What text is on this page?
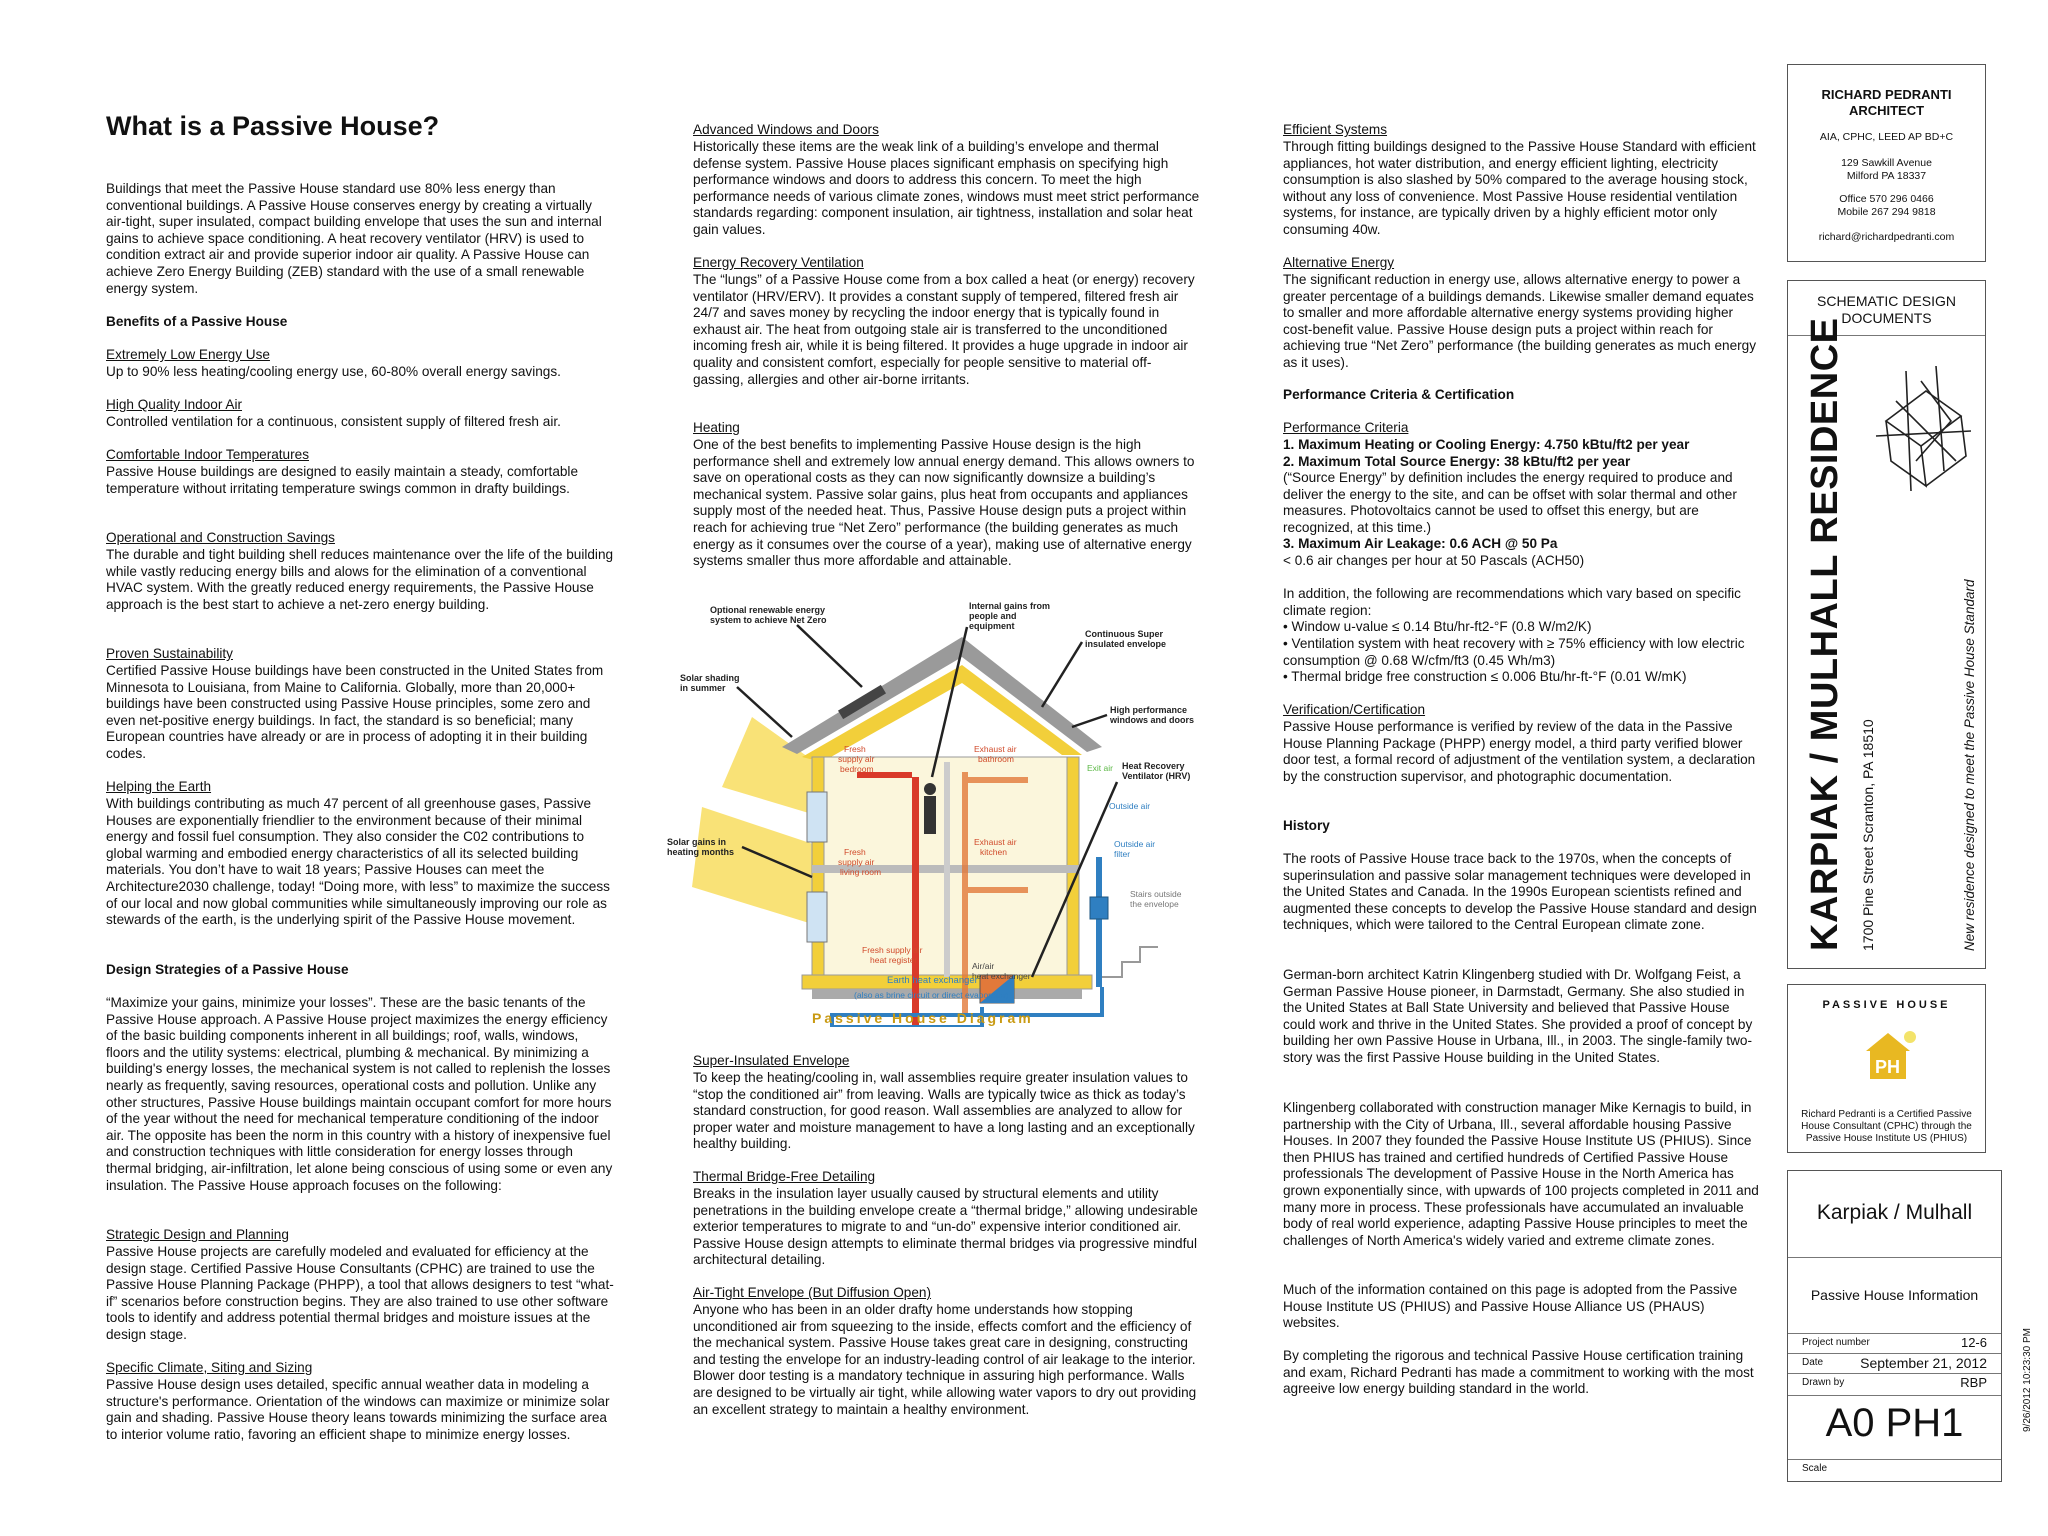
What is a Passive House?

Buildings that meet the Passive House standard use 80% less energy than conventional buildings. A Passive House conserves energy by creating a virtually air-tight, super insulated, compact building envelope that uses the sun and internal gains to achieve space conditioning. A heat recovery ventilator (HRV) is used to condition extract air and provide superior indoor air quality. A Passive House can achieve Zero Energy Building (ZEB) standard with the use of a small renewable energy system.

Benefits of a Passive House

Extremely Low Energy Use

Up to 90% less heating/cooling energy use, 60-80% overall energy savings.

High Quality Indoor Air

Controlled ventilation for a continuous, consistent supply of filtered fresh air.

Comfortable Indoor Temperatures

Passive House buildings are designed to easily maintain a steady, comfortable temperature without irritating temperature swings common in drafty buildings.

Operational and Construction Savings

The durable and tight building shell reduces maintenance over the life of the building while vastly reducing energy bills and alows for the elimination of a conventional HVAC system. With the greatly reduced energy requirements, the Passive House approach is the best start to achieve a net-zero energy building.

Proven Sustainability

Certified Passive House buildings have been constructed in the United States from Minnesota to Louisiana, from Maine to California. Globally, more than 20,000+ buildings have been constructed using Passive House principles, some zero and even net-positive energy buildings. In fact, the standard is so beneficial; many European countries have already or are in process of adopting it in their building codes.

Helping the Earth

With buildings contributing as much 47 percent of all greenhouse gases, Passive Houses are exponentially friendlier to the environment because of their minimal energy and fossil fuel consumption. They also consider the C02 contributions to global warming and embodied energy characteristics of all its selected building materials. You don’t have to wait 18 years; Passive Houses can meet the Architecture2030 challenge, today! “Doing more, with less” to maximize the success of our local and now global communities while simultaneously improving our role as stewards of the earth, is the underlying spirit of the Passive House movement.

Design Strategies of a Passive House

“Maximize your gains, minimize your losses”. These are the basic tenants of the Passive House approach. A Passive House project maximizes the energy efficiency of the basic building components inherent in all buildings; roof, walls, windows, floors and the utility systems: electrical, plumbing & mechanical. By minimizing a building's energy losses, the mechanical system is not called to replenish the losses nearly as frequently, saving resources, operational costs and pollution. Unlike any other structures, Passive House buildings maintain occupant comfort for more hours of the year without the need for mechanical temperature conditioning of the indoor air. The opposite has been the norm in this country with a history of inexpensive fuel and construction techniques with little consideration for energy losses through thermal bridging, air-infiltration, let alone being conscious of using some or even any insulation. The Passive House approach focuses on the following:

Strategic Design and Planning

Passive House projects are carefully modeled and evaluated for efficiency at the design stage. Certified Passive House Consultants (CPHC) are trained to use the Passive House Planning Package (PHPP), a tool that allows designers to test “what-if” scenarios before construction begins. They are also trained to use other software tools to identify and address potential thermal bridges and moisture issues at the design stage.

Specific Climate, Siting and Sizing

Passive House design uses detailed, specific annual weather data in modeling a structure's performance. Orientation of the windows can maximize or minimize solar gain and shading. Passive House theory leans towards minimizing the surface area to interior volume ratio, favoring an efficient shape to minimize energy losses.

Advanced Windows and Doors

Historically these items are the weak link of a building’s envelope and thermal defense system. Passive House places significant emphasis on specifying high performance windows and doors to address this concern. To meet the high performance needs of various climate zones, windows must meet strict performance standards regarding: component insulation, air tightness, installation and solar heat gain values.

Energy Recovery Ventilation

The “lungs” of a Passive House come from a box called a heat (or energy) recovery ventilator (HRV/ERV). It provides a constant supply of tempered, filtered fresh air 24/7 and saves money by recycling the indoor energy that is typically found in exhaust air. The heat from outgoing stale air is transferred to the unconditioned incoming fresh air, while it is being filtered. It provides a huge upgrade in indoor air quality and consistent comfort, especially for people sensitive to material off-gassing, allergies and other air-borne irritants.

Heating

One of the best benefits to implementing Passive House design is the high performance shell and extremely low annual energy demand. This allows owners to save on operational costs as they can now significantly downsize a building’s mechanical system. Passive solar gains, plus heat from occupants and appliances supply most of the needed heat. Thus, Passive House design puts a project within reach for achieving true “Net Zero” performance (the building generates as much energy as it consumes over the course of a year), making use of alternative energy systems smaller thus more affordable and attainable.

Super-Insulated Envelope

To keep the heating/cooling in, wall assemblies require greater insulation values to “stop the conditioned air” from leaving. Walls are typically twice as thick as today’s standard construction, for good reason. Wall assemblies are analyzed to allow for proper water and moisture management to have a long lasting and an exceptionally healthy building.

Thermal Bridge-Free Detailing

Breaks in the insulation layer usually caused by structural elements and utility penetrations in the building envelope create a “thermal bridge,” allowing undesirable exterior temperatures to migrate to and “un-do” expensive interior conditioned air. Passive House design attempts to eliminate thermal bridges via progressive mindful architectural detailing.

Air-Tight Envelope (But Diffusion Open)

Anyone who has been in an older drafty home understands how stopping unconditioned air from squeezing to the inside, effects comfort and the efficiency of the mechanical system. Passive House takes great care in designing, constructing and testing the envelope for an industry-leading control of air leakage to the interior. Blower door testing is a mandatory technique in assuring high performance. Walls are designed to be virtually air tight, while allowing water vapors to dry out providing an excellent strategy to maintain a healthy environment.

Optional renewable energy
system to achieve Net Zero
Internal gains from
people and
equipment
Continuous Super
insulated envelope
Solar shading
in summer
High performance
windows and doors
Heat Recovery
Ventilator (HRV)
Solar gains in
heating months
Fresh
supply air
bedroom
Exhaust air
bathroom
Fresh
supply air
living room
Exhaust air
kitchen
Fresh supply air
heat register
Exit air
Outside air
Outside air
filter
Stairs outside
the envelope
Air/air
heat exchanger
Earth heat exchanger
(also as brine circuit or direct evaporator)
Passive House Diagram

Efficient Systems

Through fitting buildings designed to the Passive House Standard with efficient appliances, hot water distribution, and energy efficient lighting, electricity consumption is also slashed by 50% compared to the average housing stock, without any loss of convenience. Most Passive House residential ventilation systems, for instance, are typically driven by a highly efficient motor only consuming 40w.

Alternative Energy

The significant reduction in energy use, allows alternative energy to power a greater percentage of a buildings demands. Likewise smaller demand equates to smaller and more affordable alternative energy systems providing higher cost-benefit value. Passive House design puts a project within reach for achieving true “Net Zero” performance (the building generates as much energy as it uses).

Performance Criteria & Certification

Performance Criteria

1. Maximum Heating or Cooling Energy: 4.750 kBtu/ft2 per year

2. Maximum Total Source Energy: 38 kBtu/ft2 per year

(“Source Energy” by definition includes the energy required to produce and deliver the energy to the site, and can be offset with solar thermal and other measures. Photovoltaics cannot be used to offset this energy, but are recognized, at this time.)

3. Maximum Air Leakage: 0.6 ACH @ 50 Pa

< 0.6 air changes per hour at 50 Pascals (ACH50)

In addition, the following are recommendations which vary based on specific climate region:

• Window u-value ≤ 0.14 Btu/hr-ft2-°F (0.8 W/m2/K)

• Ventilation system with heat recovery with ≥ 75% efficiency with low electric consumption @ 0.68 W/cfm/ft3 (0.45 Wh/m3)

• Thermal bridge free construction ≤ 0.006 Btu/hr-ft-°F (0.01 W/mK)

Verification/Certification

Passive House performance is verified by review of the data in the Passive House Planning Package (PHPP) energy model, a third party verified blower door test, a formal record of adjustment of the ventilation system, a declaration by the construction supervisor, and photographic documentation.

History

The roots of Passive House trace back to the 1970s, when the concepts of superinsulation and passive solar management techniques were developed in the United States and Canada. In the 1990s European scientists refined and augmented these concepts to develop the Passive House standard and design techniques, which were tailored to the Central European climate zone.

German-born architect Katrin Klingenberg studied with Dr. Wolfgang Feist, a German Passive House pioneer, in Darmstadt, Germany. She also studied in the United States at Ball State University and believed that Passive House could work and thrive in the United States. She provided a proof of concept by building her own Passive House in Urbana, Ill., in 2003. The single-family two-story was the first Passive House building in the United States.

Klingenberg collaborated with construction manager Mike Kernagis to build, in partnership with the City of Urbana, Ill., several affordable housing Passive Houses. In 2007 they founded the Passive House Institute US (PHIUS). Since then PHIUS has trained and certified hundreds of Certified Passive House professionals The development of Passive House in the North America has grown exponentially since, with upwards of 100 projects completed in 2011 and many more in process. These professionals have accumulated an invaluable body of real world experience, adapting Passive House principles to meet the challenges of North America's widely varied and extreme climate zones.

Much of the information contained on this page is adopted from the Passive House Institute US (PHIUS) and Passive House Alliance US (PHAUS) websites.

By completing the rigorous and technical Passive House certification training and exam, Richard Pedranti has made a commitment to working with the most agreeive low energy building standard in the world.

RICHARD PEDRANTI
ARCHITECT
AIA, CPHC, LEED AP BD+C
129 Sawkill Avenue
Milford PA 18337
Office 570 296 0466
Mobile 267 294 9818
richard@richardpedranti.com
SCHEMATIC DESIGN
DOCUMENTS
KARPIAK / MULHALL RESIDENCE 1700 Pine Street Scranton, PA 18510	New residence designed to meet the Passive House Standard
PASSIVE HOUSE
PH
Richard Pedranti is a Certified Passive House Consultant (CPHC) through the Passive House Institute US (PHIUS)
Karpiak / Mulhall
Passive House Information
Project number	12-6
Date	September 21, 2012
Drawn by	RBP
A0 PH1
Scale
9/26/2012 10:23:30 PM
